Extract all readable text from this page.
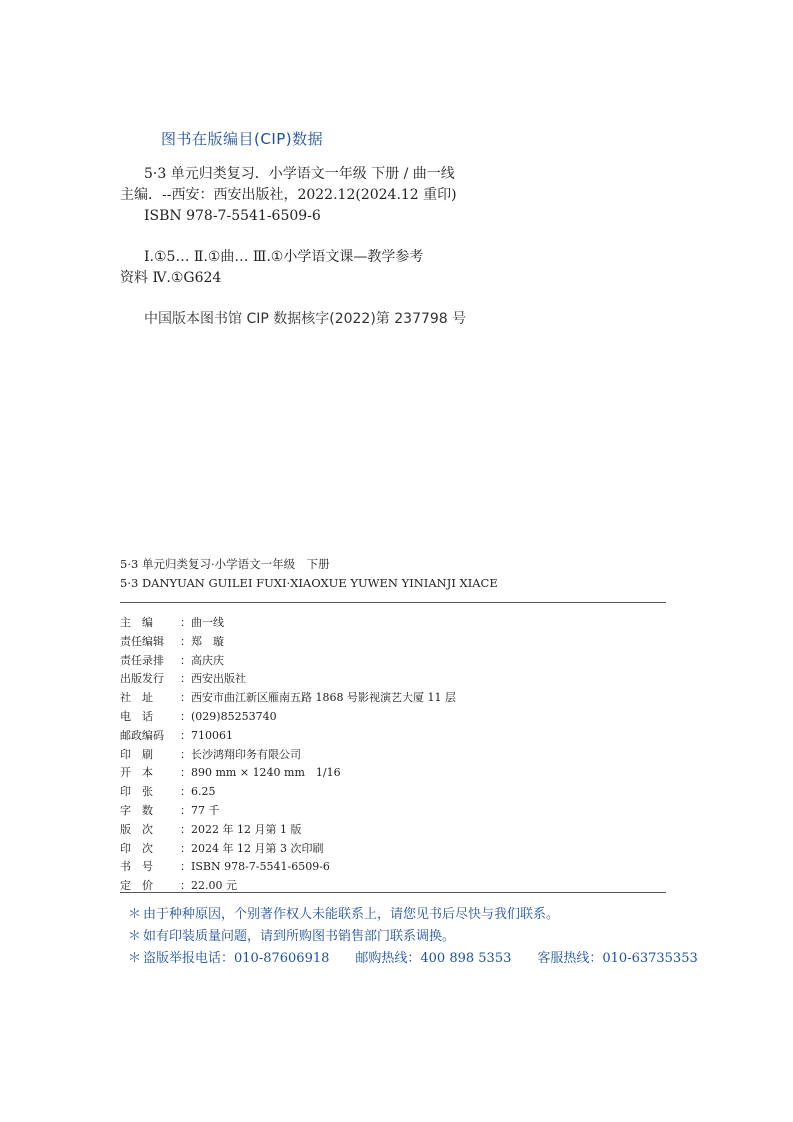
图书在版编目(CIP)数据
5·3 单元归类复习．小学语文一年级 下册 / 曲一线
主编．--西安：西安出版社，2022.12(2024.12 重印)
ISBN 978-7-5541-6509-6
Ⅰ.①5… Ⅱ.①曲… Ⅲ.①小学语文课—教学参考
资料 Ⅳ.①G624
中国版本图书馆 CIP 数据核字(2022)第 237798 号
5·3 单元归类复习·小学语文一年级　下册
5·3 DANYUAN GUILEI FUXI·XIAOXUE YUWEN YINIANJI XIACE
主　编	：曲一线
责任编辑	：郑　璇
责任录排	：高庆庆
出版发行	：西安出版社
社　址	：西安市曲江新区雁南五路 1868 号影视演艺大厦 11 层
电　话	：(029)85253740
邮政编码	：710061
印　刷	：长沙鸿翔印务有限公司
开　本	：890 mm × 1240 mm　1/16
印　张	：6.25
字　数	：77 千
版　次	：2022 年 12 月第 1 版
印　次	：2024 年 12 月第 3 次印刷
书　号	：ISBN 978-7-5541-6509-6
定　价	：22.00 元
＊ 由于种种原因，个别著作权人未能联系上，请您见书后尽快与我们联系。
＊ 如有印装质量问题，请到所购图书销售部门联系调换。
＊ 盗版举报电话：010-87606918 邮购热线：400 898 5353 客服热线：010-63735353
